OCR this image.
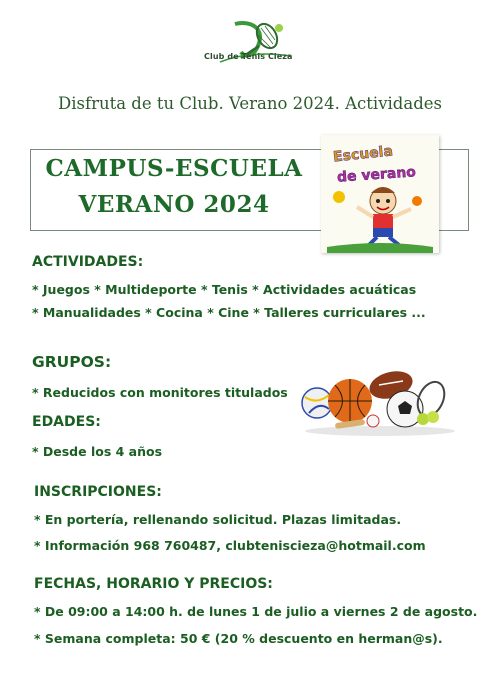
Club de Tenis Cieza
Disfruta de tu Club. Verano 2024. Actividades
CAMPUS-ESCUELA
VERANO 2024
Escuela
de verano
ACTIVIDADES:
* Juegos * Multideporte * Tenis * Actividades acuáticas
* Manualidades * Cocina * Cine * Talleres curriculares ...
GRUPOS:
* Reducidos con monitores titulados
EDADES:
* Desde los 4 años
INSCRIPCIONES:
* En portería, rellenando solicitud. Plazas limitadas.
* Información 968 760487, clubteniscieza@hotmail.com
FECHAS, HORARIO Y PRECIOS:
* De 09:00 a 14:00 h. de lunes 1 de julio a viernes 2 de agosto.
* Semana completa: 50 € (20 % descuento en herman@s).
